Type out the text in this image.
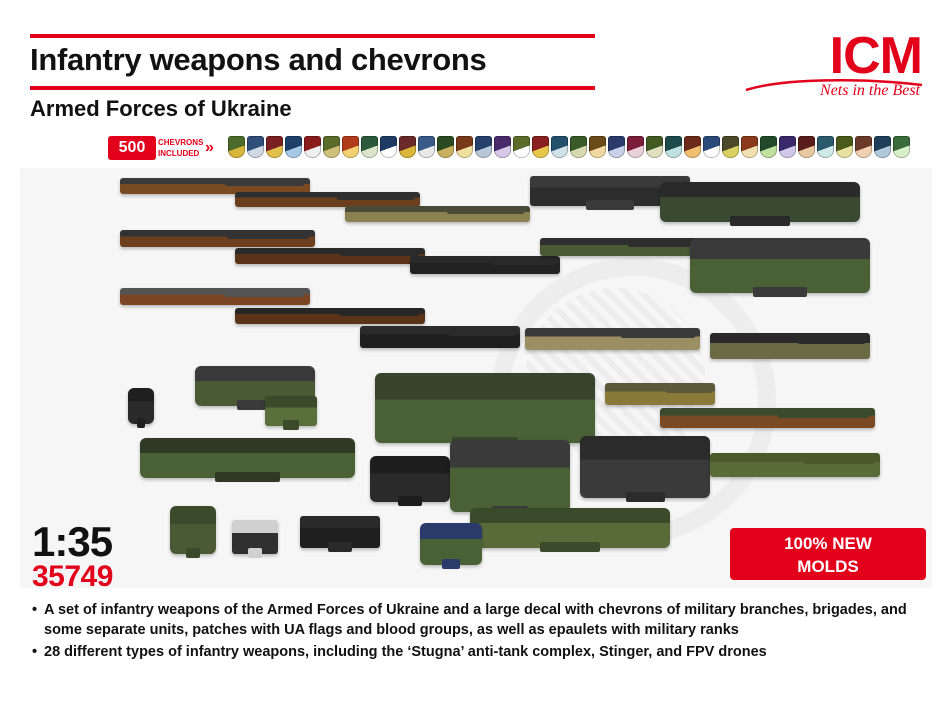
Infantry weapons and chevrons
Armed Forces of Ukraine
ICM
Nets in the Best
500	CHEVRONS INCLUDED »
1:35
35749
100% NEW
MOLDS
• A set of infantry weapons of the Armed Forces of Ukraine and a large decal with chevrons of military branches, brigades, and some separate units, patches with UA flags and blood groups, as well as epaulets with military ranks
• 28 different types of infantry weapons, including the ‘Stugna’ anti-tank complex, Stinger, and FPV drones
